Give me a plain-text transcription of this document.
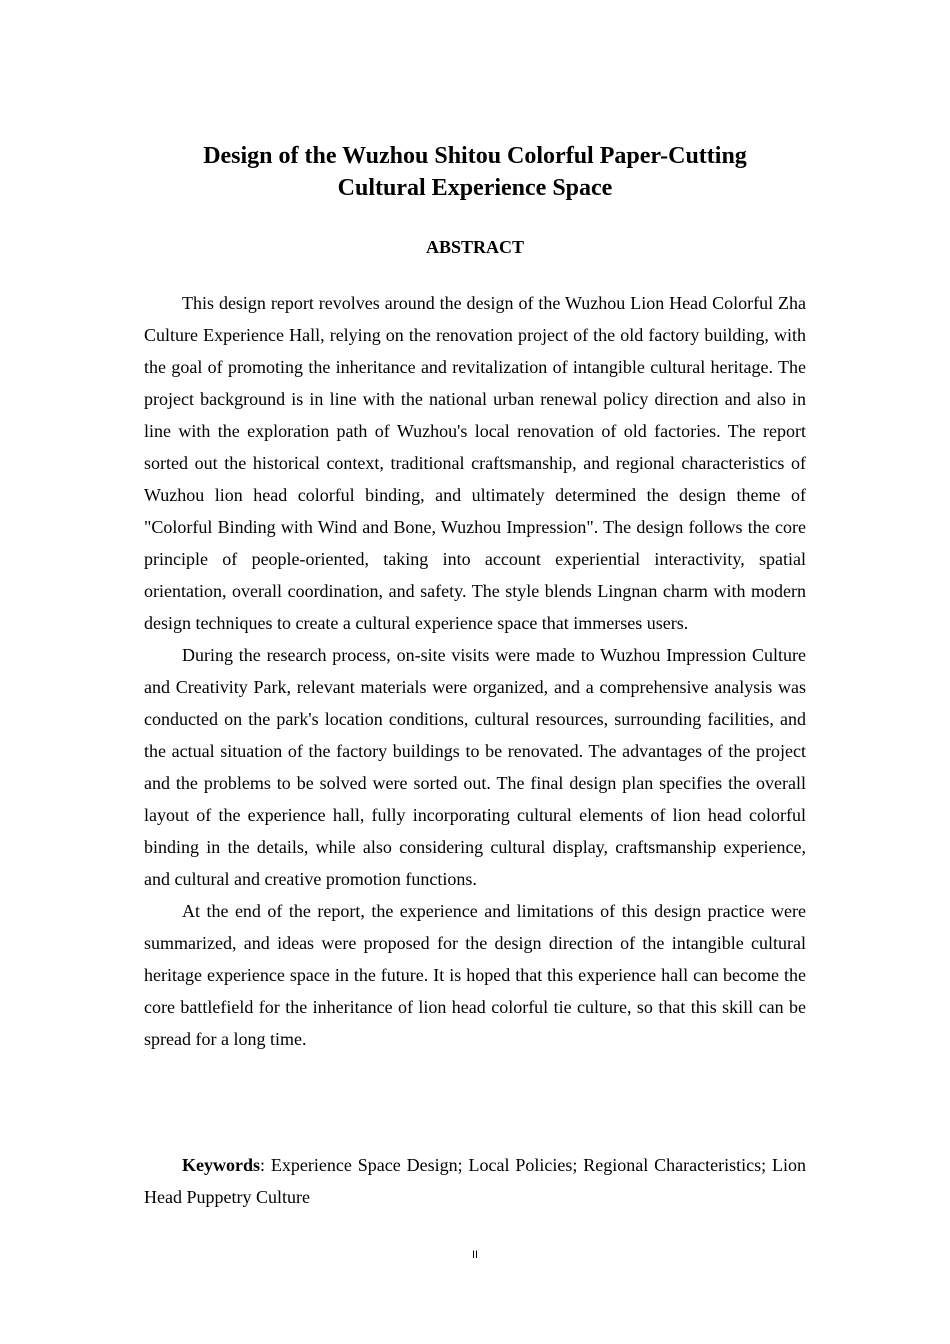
Design of the Wuzhou Shitou Colorful Paper-Cutting
Cultural Experience Space
ABSTRACT

This design report revolves around the design of the Wuzhou Lion Head Colorful Zha Culture Experience Hall, relying on the renovation project of the old factory building, with the goal of promoting the inheritance and revitalization of intangible cultural heritage. The project background is in line with the national urban renewal policy direction and also in line with the exploration path of Wuzhou's local renovation of old factories. The report sorted out the historical context, traditional craftsmanship, and regional characteristics of Wuzhou lion head colorful binding, and ultimately determined the design theme of "Colorful Binding with Wind and Bone, Wuzhou Impression". The design follows the core principle of people-oriented, taking into account experiential interactivity, spatial orientation, overall coordination, and safety. The style blends Lingnan charm with modern design techniques to create a cultural experience space that immerses users.

During the research process, on-site visits were made to Wuzhou Impression Culture and Creativity Park, relevant materials were organized, and a comprehensive analysis was conducted on the park's location conditions, cultural resources, surrounding facilities, and the actual situation of the factory buildings to be renovated. The advantages of the project and the problems to be solved were sorted out. The final design plan specifies the overall layout of the experience hall, fully incorporating cultural elements of lion head colorful binding in the details, while also considering cultural display, craftsmanship experience, and cultural and creative promotion functions.

At the end of the report, the experience and limitations of this design practice were summarized, and ideas were proposed for the design direction of the intangible cultural heritage experience space in the future. It is hoped that this experience hall can become the core battlefield for the inheritance of lion head colorful tie culture, so that this skill can be spread for a long time.

Keywords: Experience Space Design; Local Policies; Regional Characteristics; Lion Head Puppetry Culture

II
